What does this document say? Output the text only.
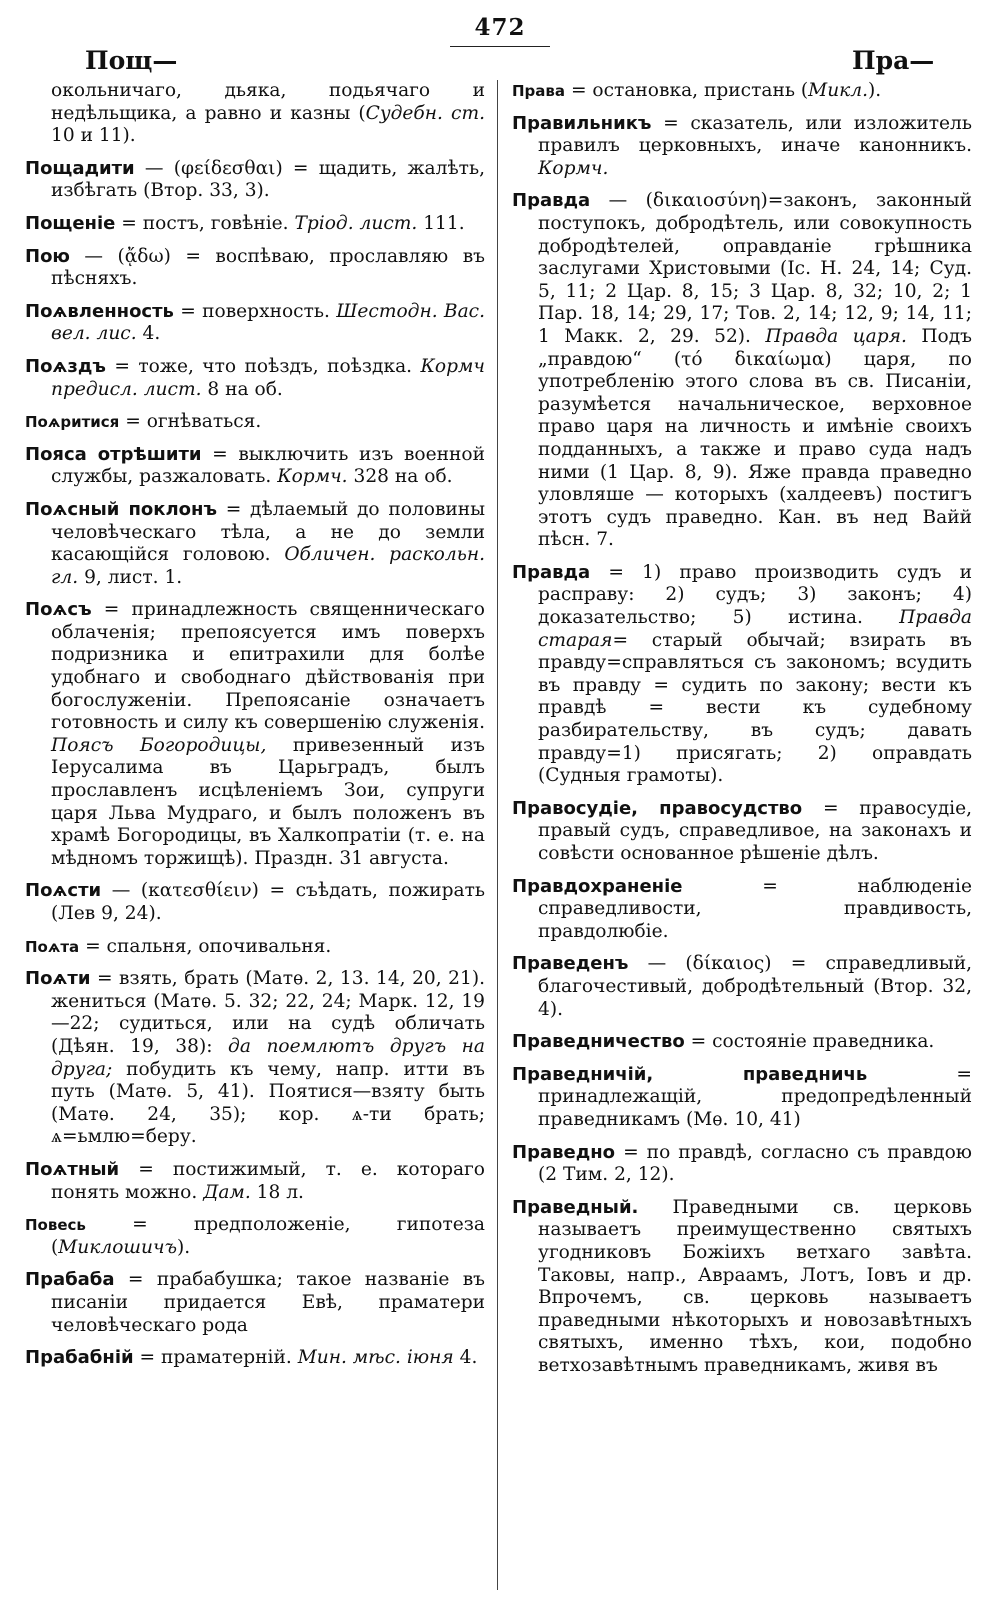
472
Пощ—	Пра—

окольничаго, дьяка, подьячаго и недѣльщика, а равно и казны (Судебн. ст. 10 и 11).

Пощадити — (φείδεσθαι) = щадить, жалѣть, избѣгать (Втор. 33, 3).

Пощеніе = постъ, говѣніе. Тріод. лист. 111.

Пою — (ᾄδω) = воспѣваю, прославляю въ пѣсняхъ.

Поѧвленность = поверхность. Шестодн. Вас. вел. лис. 4.

Поѧздъ = тоже, что поѣздъ, поѣздка. Кормч предисл. лист. 8 на об.

Поѧритися = огнѣваться.

Пояса отрѣшити = выключить изъ военной службы, разжаловать. Кормч. 328 на об.

Поѧсный поклонъ = дѣлаемый до половины человѣческаго тѣла, а не до земли касающійся головою. Обличен. раскольн. гл. 9, лист. 1.

Поѧсъ = принадлежность священническаго облаченія; препоясуется имъ поверхъ подризника и епитрахили для болѣе удобнаго и свободнаго дѣйствованія при богослуженіи. Препоясаніе означаетъ готовность и силу къ совершенію служенія. Поясъ Богородицы, привезенный изъ Іерусалима въ Царьградъ, былъ прославленъ исцѣленіемъ Зои, супруги царя Льва Мудраго, и былъ положенъ въ храмѣ Богородицы, въ Халкопратіи (т. е. на мѣдномъ торжищѣ). Праздн. 31 августа.

Поѧсти — (κατεσθίειν) = съѣдать, пожирать (Лев 9, 24).

Поѧта = спальня, опочивальня.

Поѧти = взять, брать (Матѳ. 2, 13. 14, 20, 21). жениться (Матѳ. 5. 32; 22, 24; Марк. 12, 19—22; судиться, или на судѣ обличать (Дѣян. 19, 38): да поемлютъ другъ на друга; побудить къ чему, напр. итти въ путь (Матѳ. 5, 41). Поятися—взяту быть (Матѳ. 24, 35); кор. ѧ-ти брать; ѧ=ьмлю=беру.

Поѧтный = постижимый, т. е. котораго понять можно. Дам. 18 л.

Повесь = предположеніе, гипотеза (Миклошичъ).

Прабаба = прабабушка; такое названіе въ писаніи придается Евѣ, праматери человѣческаго рода

Прабабній = праматерній. Мин. мѣс. іюня 4.

Права = остановка, пристань (Микл.).

Правильникъ = сказатель, или изложитель правилъ церковныхъ, иначе канонникъ. Кормч.

Правда — (δικαιοσύνη)=законъ, законный поступокъ, добродѣтель, или совокупность добродѣтелей, оправданіе грѣшника заслугами Христовыми (Іс. Н. 24, 14; Суд. 5, 11; 2 Цар. 8, 15; 3 Цар. 8, 32; 10, 2; 1 Пар. 18, 14; 29, 17; Тов. 2, 14; 12, 9; 14, 11; 1 Макк. 2, 29. 52). Правда царя. Подъ „правдою“ (τό δικαίωμα) царя, по употребленію этого слова въ св. Писаніи, разумѣется начальническое, верховное право царя на личность и имѣніе своихъ подданныхъ, а также и право суда надъ ними (1 Цар. 8, 9). Яже правда праведно уловляше — которыхъ (халдеевъ) постигъ этотъ судъ праведно. Кан. въ нед Вайй пѣсн. 7.

Правда = 1) право производить судъ и расправу: 2) судъ; 3) законъ; 4) доказательство; 5) истина. Правда старая= старый обычай; взирать въ правду=справляться съ закономъ; всудить въ правду = судить по закону; вести къ правдѣ = вести къ судебному разбирательству, въ судъ; давать правду=1) присягать; 2) оправдать (Судныя грамоты).

Правосудіе, правосудство = правосудіе, правый судъ, справедливое, на законахъ и совѣсти основанное рѣшеніе дѣлъ.

Правдохраненіе = наблюденіе справедливости, правдивость, правдолюбіе.

Праведенъ — (δίκαιος) = справедливый, благочестивый, добродѣтельный (Втор. 32, 4).

Праведничество = состояніе праведника.

Праведничій, праведничь = принадлежащій, предопредѣленный праведникамъ (Мѳ. 10, 41)

Праведно = по правдѣ, согласно съ правдою (2 Тим. 2, 12).

Праведный. Праведными св. церковь называетъ преимущественно святыхъ угодниковъ Божіихъ ветхаго завѣта. Таковы, напр., Авраамъ, Лотъ, Іовъ и др. Впрочемъ, св. церковь называетъ праведными нѣкоторыхъ и новозавѣтныхъ святыхъ, именно тѣхъ, кои, подобно ветхозавѣтнымъ праведникамъ, живя въ
